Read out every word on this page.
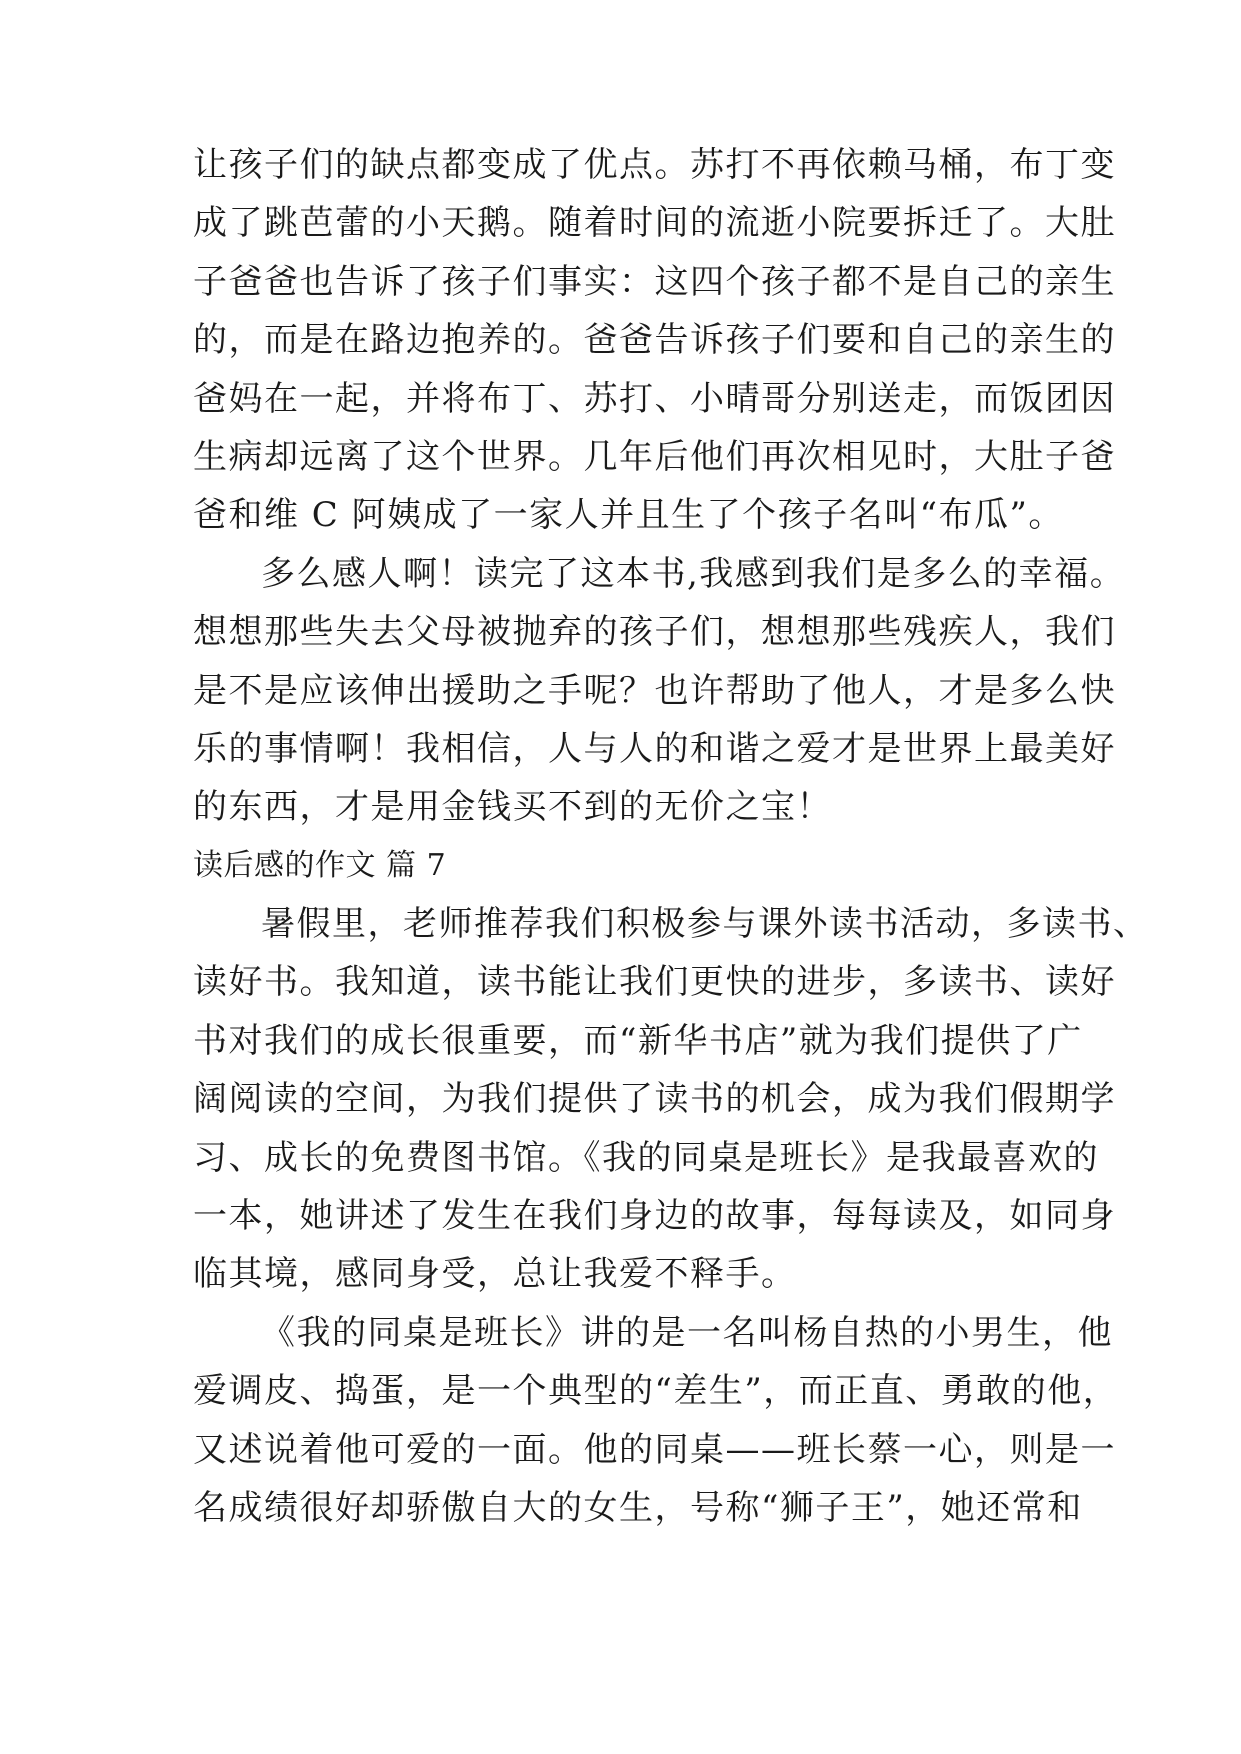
让孩子们的缺点都变成了优点。苏打不再依赖马桶，布丁变
成了跳芭蕾的小天鹅。随着时间的流逝小院要拆迁了。大肚
子爸爸也告诉了孩子们事实：这四个孩子都不是自己的亲生
的，而是在路边抱养的。爸爸告诉孩子们要和自己的亲生的
爸妈在一起，并将布丁、苏打、小晴哥分别送走，而饭团因
生病却远离了这个世界。几年后他们再次相见时，大肚子爸
爸和维 C 阿姨成了一家人并且生了个孩子名叫“布瓜”。
多么感人啊！读完了这本书,我感到我们是多么的幸福。
想想那些失去父母被抛弃的孩子们，想想那些残疾人，我们
是不是应该伸出援助之手呢？也许帮助了他人，才是多么快
乐的事情啊！我相信，人与人的和谐之爱才是世界上最美好
的东西，才是用金钱买不到的无价之宝！
读后感的作文 篇 7
暑假里，老师推荐我们积极参与课外读书活动，多读书、
读好书。我知道，读书能让我们更快的进步，多读书、读好
书对我们的成长很重要，而“新华书店”就为我们提供了广
阔阅读的空间，为我们提供了读书的机会，成为我们假期学
习、成长的免费图书馆。《我的同桌是班长》是我最喜欢的
一本，她讲述了发生在我们身边的故事，每每读及，如同身
临其境，感同身受，总让我爱不释手。
《我的同桌是班长》讲的是一名叫杨自热的小男生，他
爱调皮、捣蛋，是一个典型的“差生”，而正直、勇敢的他，
又述说着他可爱的一面。他的同桌——班长蔡一心，则是一
名成绩很好却骄傲自大的女生，号称“狮子王”，她还常和
